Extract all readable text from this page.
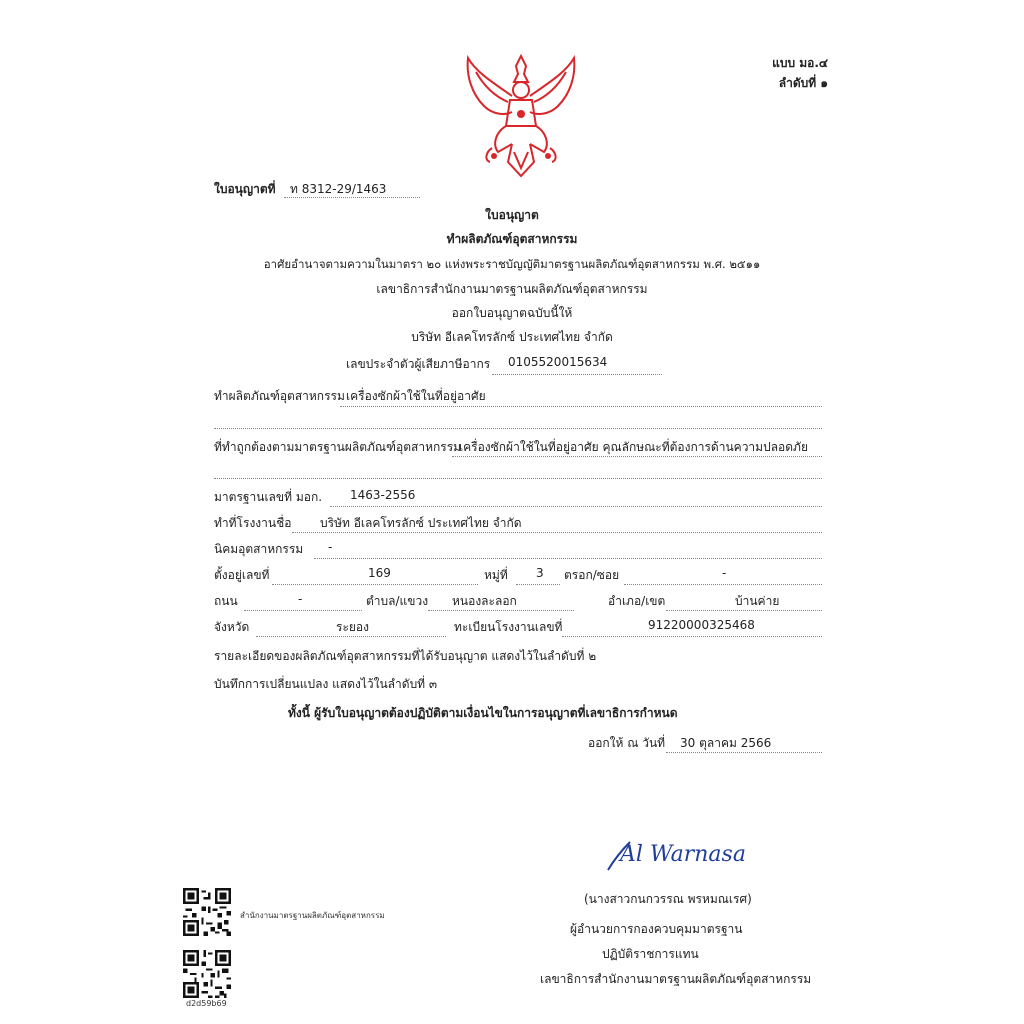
แบบ มอ.๔
ลำดับที่ ๑
ใบอนุญาตที่ ท 8312-29/1463
ใบอนุญาต
ทำผลิตภัณฑ์อุตสาหกรรม
อาศัยอำนาจตามความในมาตรา ๒๐ แห่งพระราชบัญญัติมาตรฐานผลิตภัณฑ์อุตสาหกรรม พ.ศ. ๒๕๑๑
เลขาธิการสำนักงานมาตรฐานผลิตภัณฑ์อุตสาหกรรม
ออกใบอนุญาตฉบับนี้ให้
บริษัท อีเลคโทรลักซ์ ประเทศไทย จำกัด
เลขประจำตัวผู้เสียภาษีอากร 0105520015634
ทำผลิตภัณฑ์อุตสาหกรรม เครื่องซักผ้าใช้ในที่อยู่อาศัย
ที่ทำถูกต้องตามมาตรฐานผลิตภัณฑ์อุตสาหกรรม
เครื่องซักผ้าใช้ในที่อยู่อาศัย คุณลักษณะที่ต้องการด้านความปลอดภัย
มาตรฐานเลขที่ มอก. 1463-2556
ทำที่โรงงานชื่อ บริษัท อีเลคโทรลักซ์ ประเทศไทย จำกัด
นิคมอุตสาหกรรม -
ตั้งอยู่เลขที่	169	หมู่ที่ 3 ตรอก/ซอย	-
ถนน	-	ตำบล/แขวง หนองละลอก	อำเภอ/เขต	บ้านค่าย
จังหวัด	ระยอง	ทะเบียนโรงงานเลขที่	91220000325468
รายละเอียดของผลิตภัณฑ์อุตสาหกรรมที่ได้รับอนุญาต แสดงไว้ในลำดับที่ ๒
บันทึกการเปลี่ยนแปลง แสดงไว้ในลำดับที่ ๓
ทั้งนี้ ผู้รับใบอนุญาตต้องปฏิบัติตามเงื่อนไขในการอนุญาตที่เลขาธิการกำหนด
ออกให้ ณ วันที่ 30 ตุลาคม 2566
Al Warnasa
(นางสาวกนกวรรณ พรหมณเรศ)
ผู้อำนวยการกองควบคุมมาตรฐาน
ปฏิบัติราชการแทน
เลขาธิการสำนักงานมาตรฐานผลิตภัณฑ์อุตสาหกรรม
สำนักงานมาตรฐานผลิตภัณฑ์อุตสาหกรรม
d2d59b69
